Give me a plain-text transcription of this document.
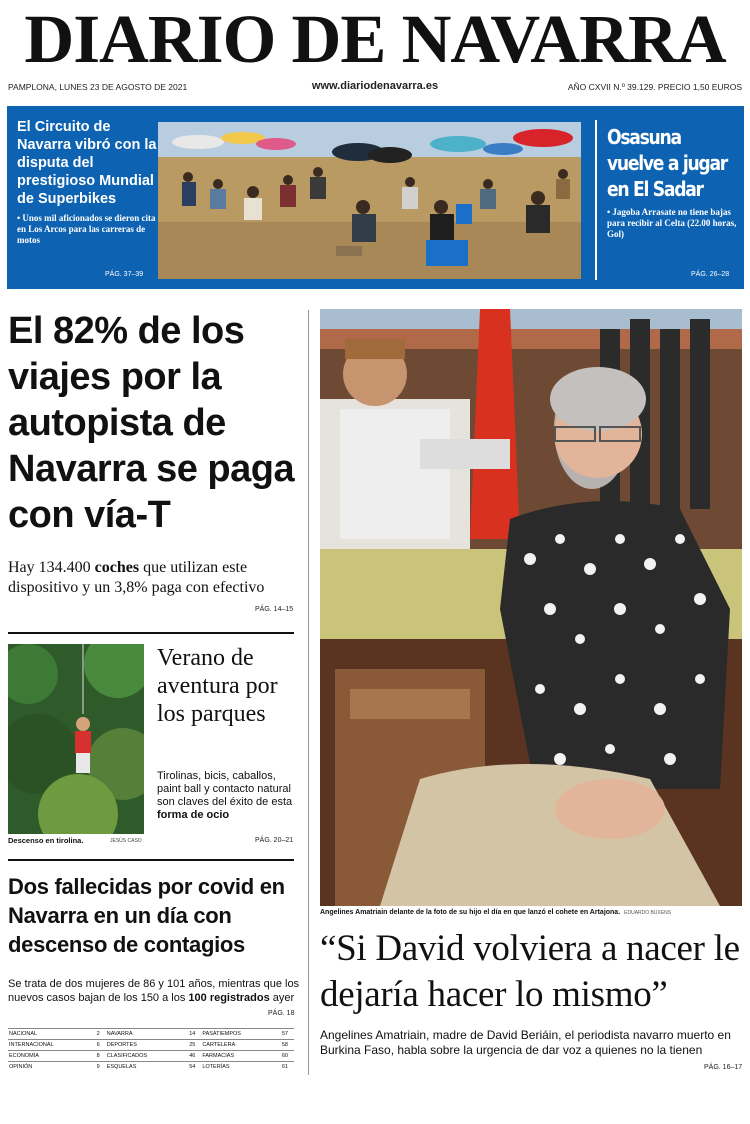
DIARIO DE NAVARRA
PAMPLONA, LUNES 23 DE AGOSTO DE 2021	www.diariodenavarra.es	AÑO CXVII N.º 39.129. PRECIO 1,50 EUROS
El Circuito de Navarra vibró con la disputa del prestigioso Mundial de Superbikes
• Unos mil aficionados se dieron cita en Los Arcos para las carreras de motos
PÁG. 37–39
Osasuna vuelve a jugar en El Sadar
• Jagoba Arrasate no tiene bajas para recibir al Celta (22.00 horas, Gol)
PÁG. 26–28
El 82% de los viajes por la autopista de Navarra se paga con vía-T
Hay 134.400 coches que utilizan este dispositivo y un 3,8% paga con efectivo
PÁG. 14–15
Verano de aventura por los parques
Tirolinas, bicis, caballos, paint ball y contacto natural son claves del éxito de esta forma de ocio
Descenso en tirolina.	JESÚS CASO	PÁG. 20–21
Dos fallecidas por covid en Navarra en un día con descenso de contagios
Se trata de dos mujeres de 86 y 101 años, mientras que los nuevos casos bajan de los 150 a los 100 registrados ayer
PÁG. 18
NACIONAL	2	NAVARRA	14	PASATIEMPOS	57
INTERNACIONAL	6	DEPORTES	25	CARTELERA	58
ECONOMÍA	8	CLASIFICADOS	46	FARMACIAS	60
OPINIÓN	9	ESQUELAS	54	LOTERÍAS	61
Angelines Amatriain delante de la foto de su hijo el día en que lanzó el cohete en Artajona. EDUARDO BUXENS
“Si David volviera a nacer le dejaría hacer lo mismo”
Angelines Amatriain, madre de David Beriáin, el periodista navarro muerto en Burkina Faso, habla sobre la urgencia de dar voz a quienes no la tienen
PÁG. 16–17
